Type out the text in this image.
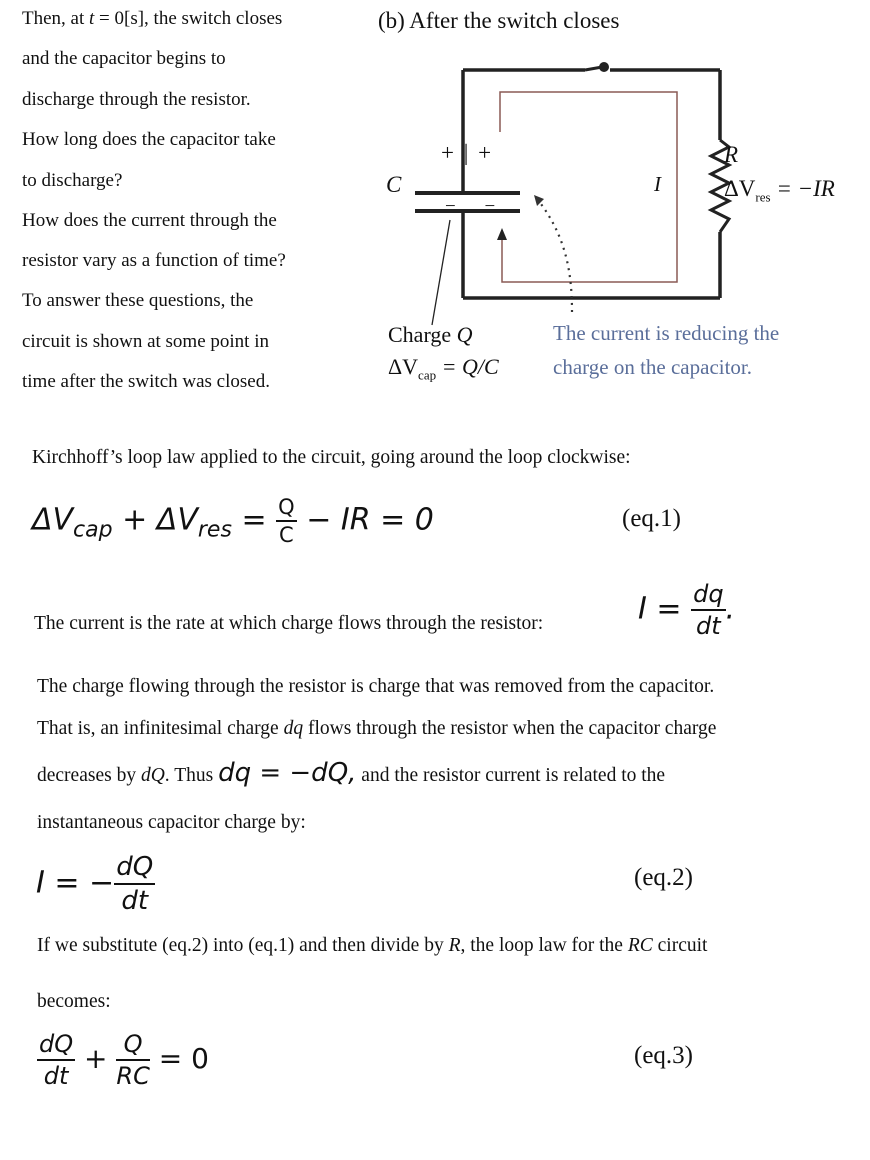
Then, at t = 0[s], the switch closes
and the capacitor begins to
discharge through the resistor.
How long does the capacitor take
to discharge?
How does the current through the
resistor vary as a function of time?
To answer these questions, the
circuit is shown at some point in
time after the switch was closed.
(b) After the switch closes
+ | +
C
− −
I
R
$\Delta V_{res} = -IR$
Charge Q
$\Delta V_{cap} = Q/C$
The current is reducing the
charge on the capacitor.
Kirchhoff’s loop law applied to the circuit, going around the loop clockwise:
$\Delta V_{cap} + \Delta V_{res} = \frac{Q}{C}$ − IR = 0	(eq.1)
The current is the rate at which charge flows through the resistor:	$I = \frac{dq}{dt}$ .
The charge flowing through the resistor is charge that was removed from the capacitor.
That is, an infinitesimal charge dq flows through the resistor when the capacitor charge
decreases by dQ. Thus dq = −dQ, and the resistor current is related to the
instantaneous capacitor charge by:
I = − $\frac{dQ}{dt}$	(eq.2)
If we substitute (eq.2) into (eq.1) and then divide by R, the loop law for the RC circuit
becomes:
$\frac{dQ}{dt} + \frac{Q}{RC} = 0$	(eq.3)
